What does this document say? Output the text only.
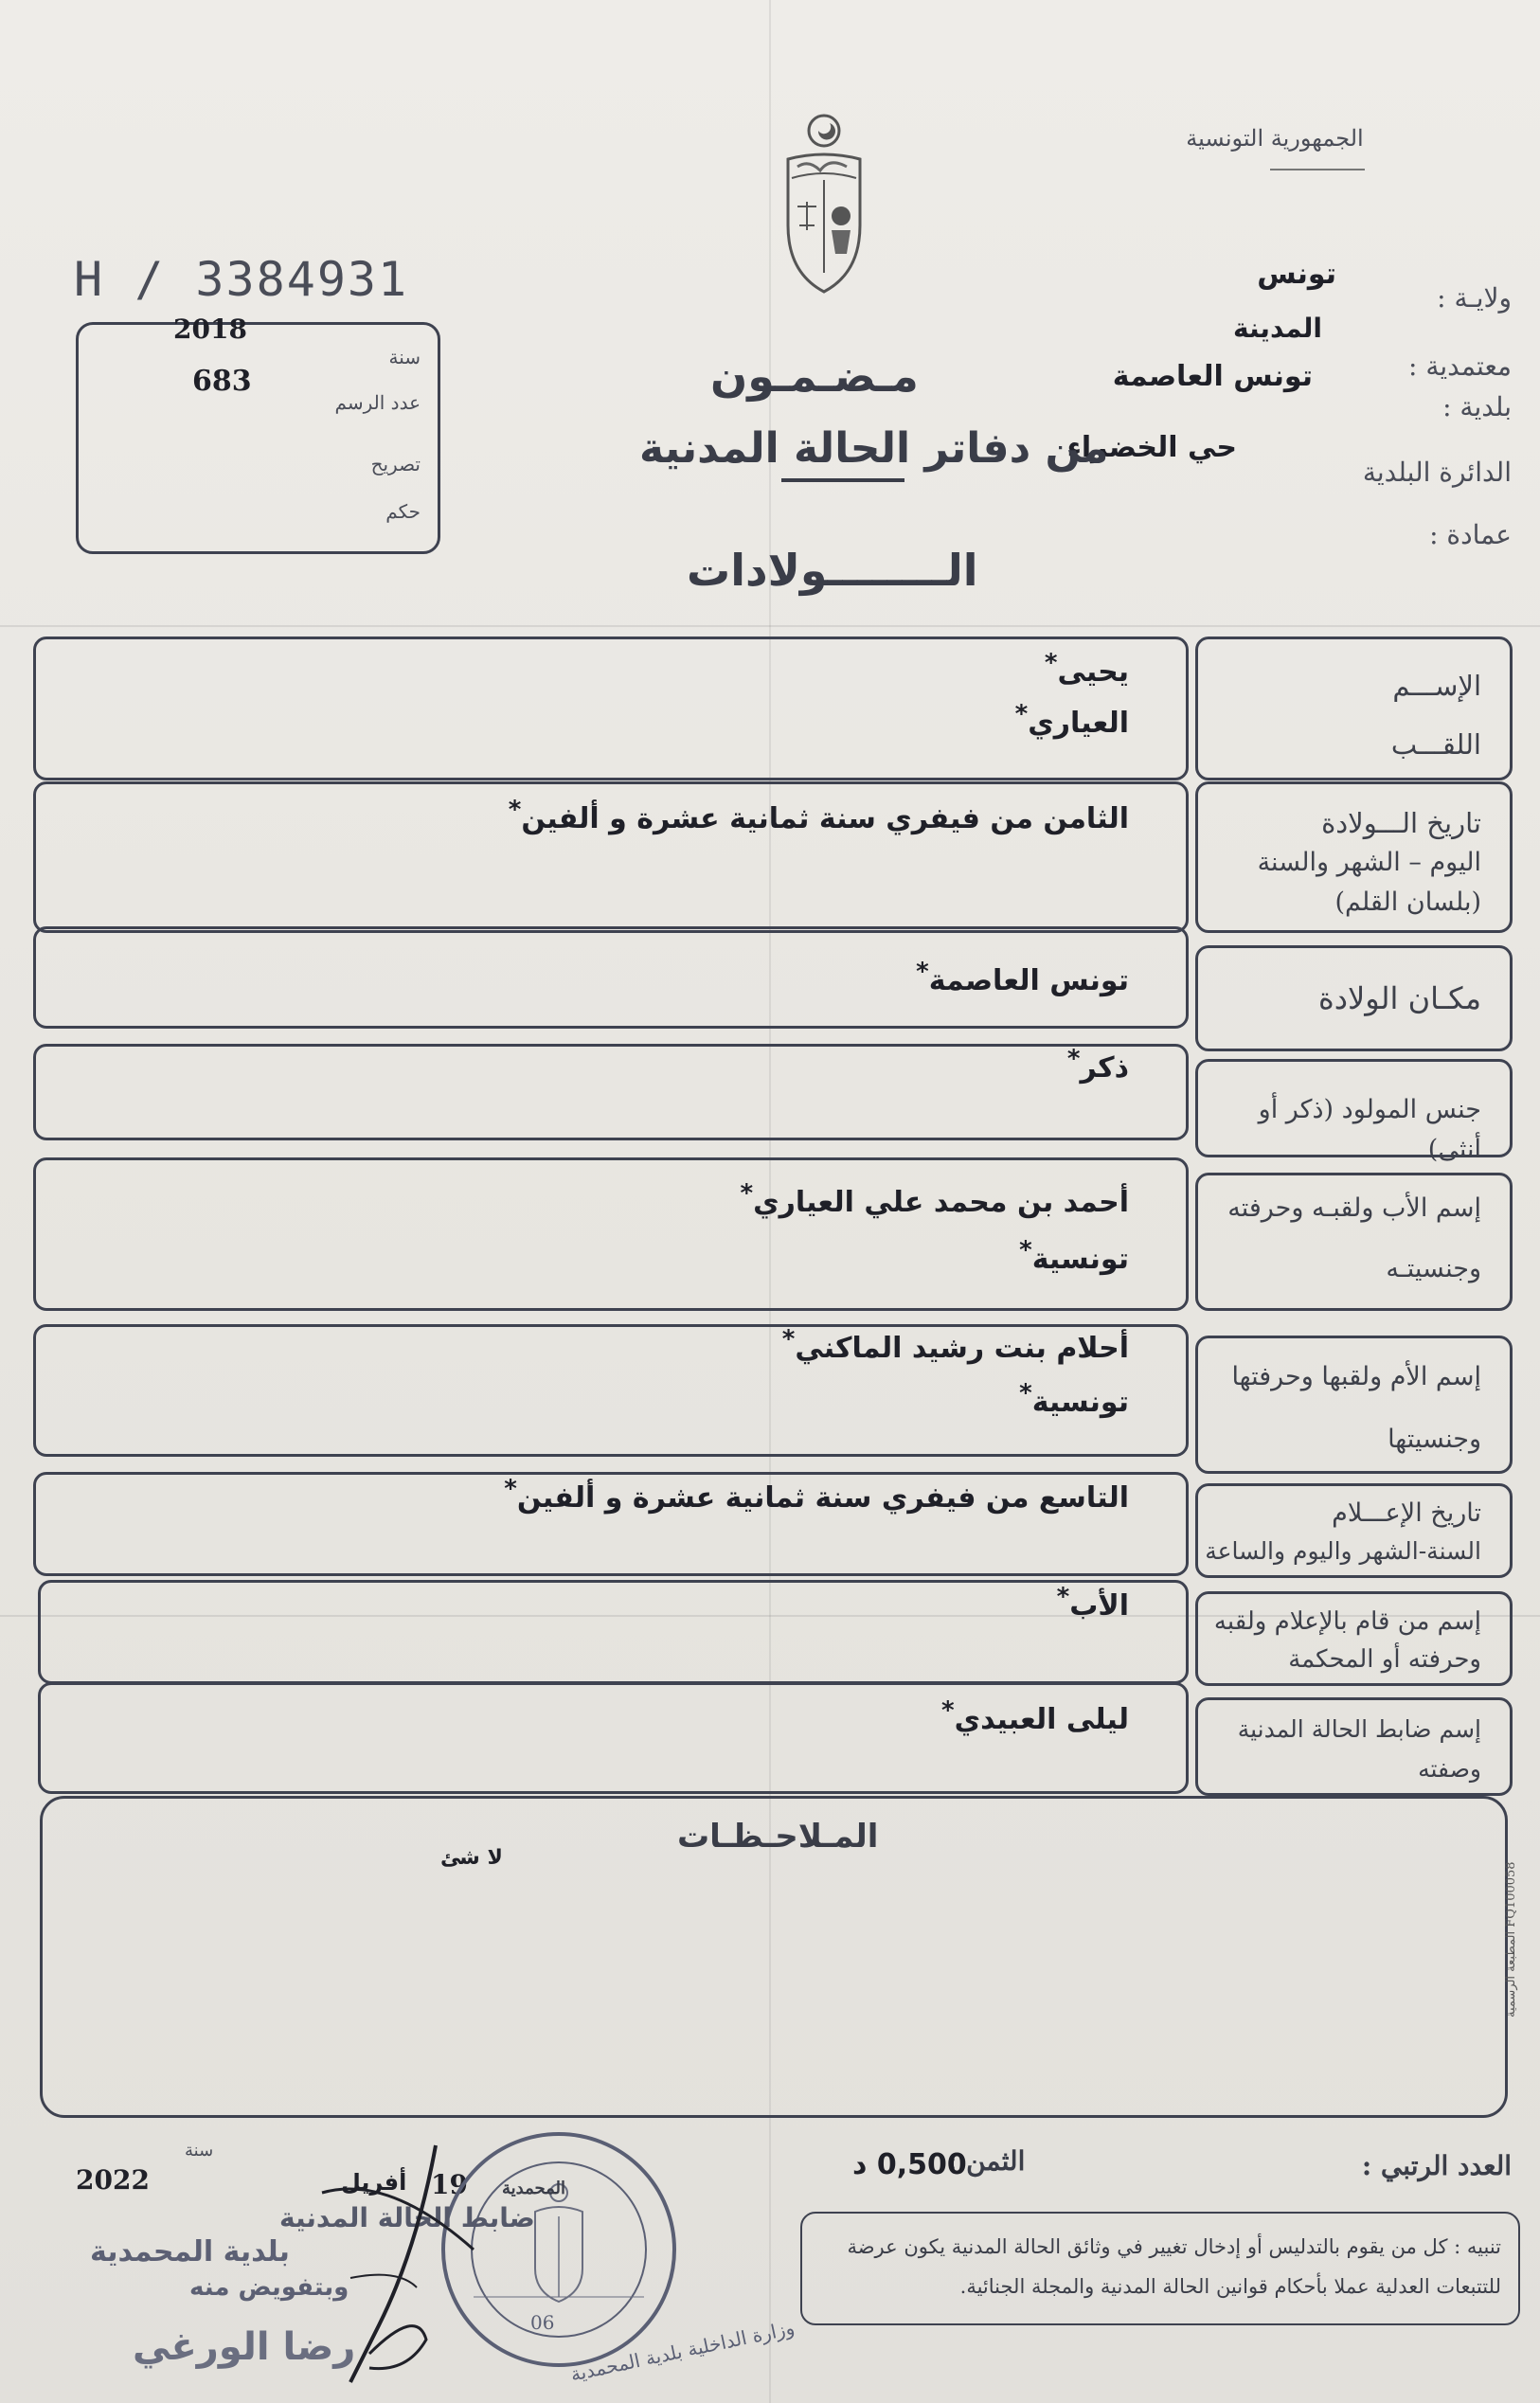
الجمهورية التونسية
H / 3384931
2018
سنة
683
عدد الرسم
تصريح
حكم
ولايـة :
تونس
المدينة
معتمدية :
تونس العاصمة
بلدية :
الدائرة البلدية
حي الخضراء
عمادة :
مـضـمـون
من دفاتر الحالة المدنية
الــــــــولادات
يحيى*
العياري*
الإســـم
اللقـــب
الثامن من فيفري سنة ثمانية عشرة و ألفين*	تاريخ الـــولادة
اليوم – الشهر والسنة
(بلسان القلم)
تونس العاصمة*
مكـان الولادة
ذكر*
جنس المولود (ذكر أو أنثى)
أحمد بن محمد علي العياري*
تونسية*
إسم الأب ولقبـه وحرفته
وجنسيتـه
أحلام بنت رشيد الماكني*
تونسية*
إسم الأم ولقبها وحرفتها
وجنسيتها
التاسع من فيفري سنة ثمانية عشرة و ألفين*
تاريخ الإعـــلام
السنة-الشهر واليوم والساعة
الأب*
إسم من قام بالإعلام ولقبه
وحرفته أو المحكمة
ليلى العبيدي*
إسم ضابط الحالة المدنية
وصفته
المـلاحـظـات
لا شئ
المطبعة الرسمية FQ100058
العدد الرتبي :
الثمن :
0,500 د
سنة
2022	19
أفريل
تنبيه : كل من يقوم بالتدليس أو إدخال تغيير في وثائق الحالة المدنية يكون عرضة للتتبعات العدلية عملا بأحكام قوانين الحالة المدنية والمجلة الجنائية.
المحمدية
06 وزارة الداخلية بلدية المحمدية
ضابط الحالة المدنية
بلدية المحمدية
وبتفويض منه
رضا الورغي
